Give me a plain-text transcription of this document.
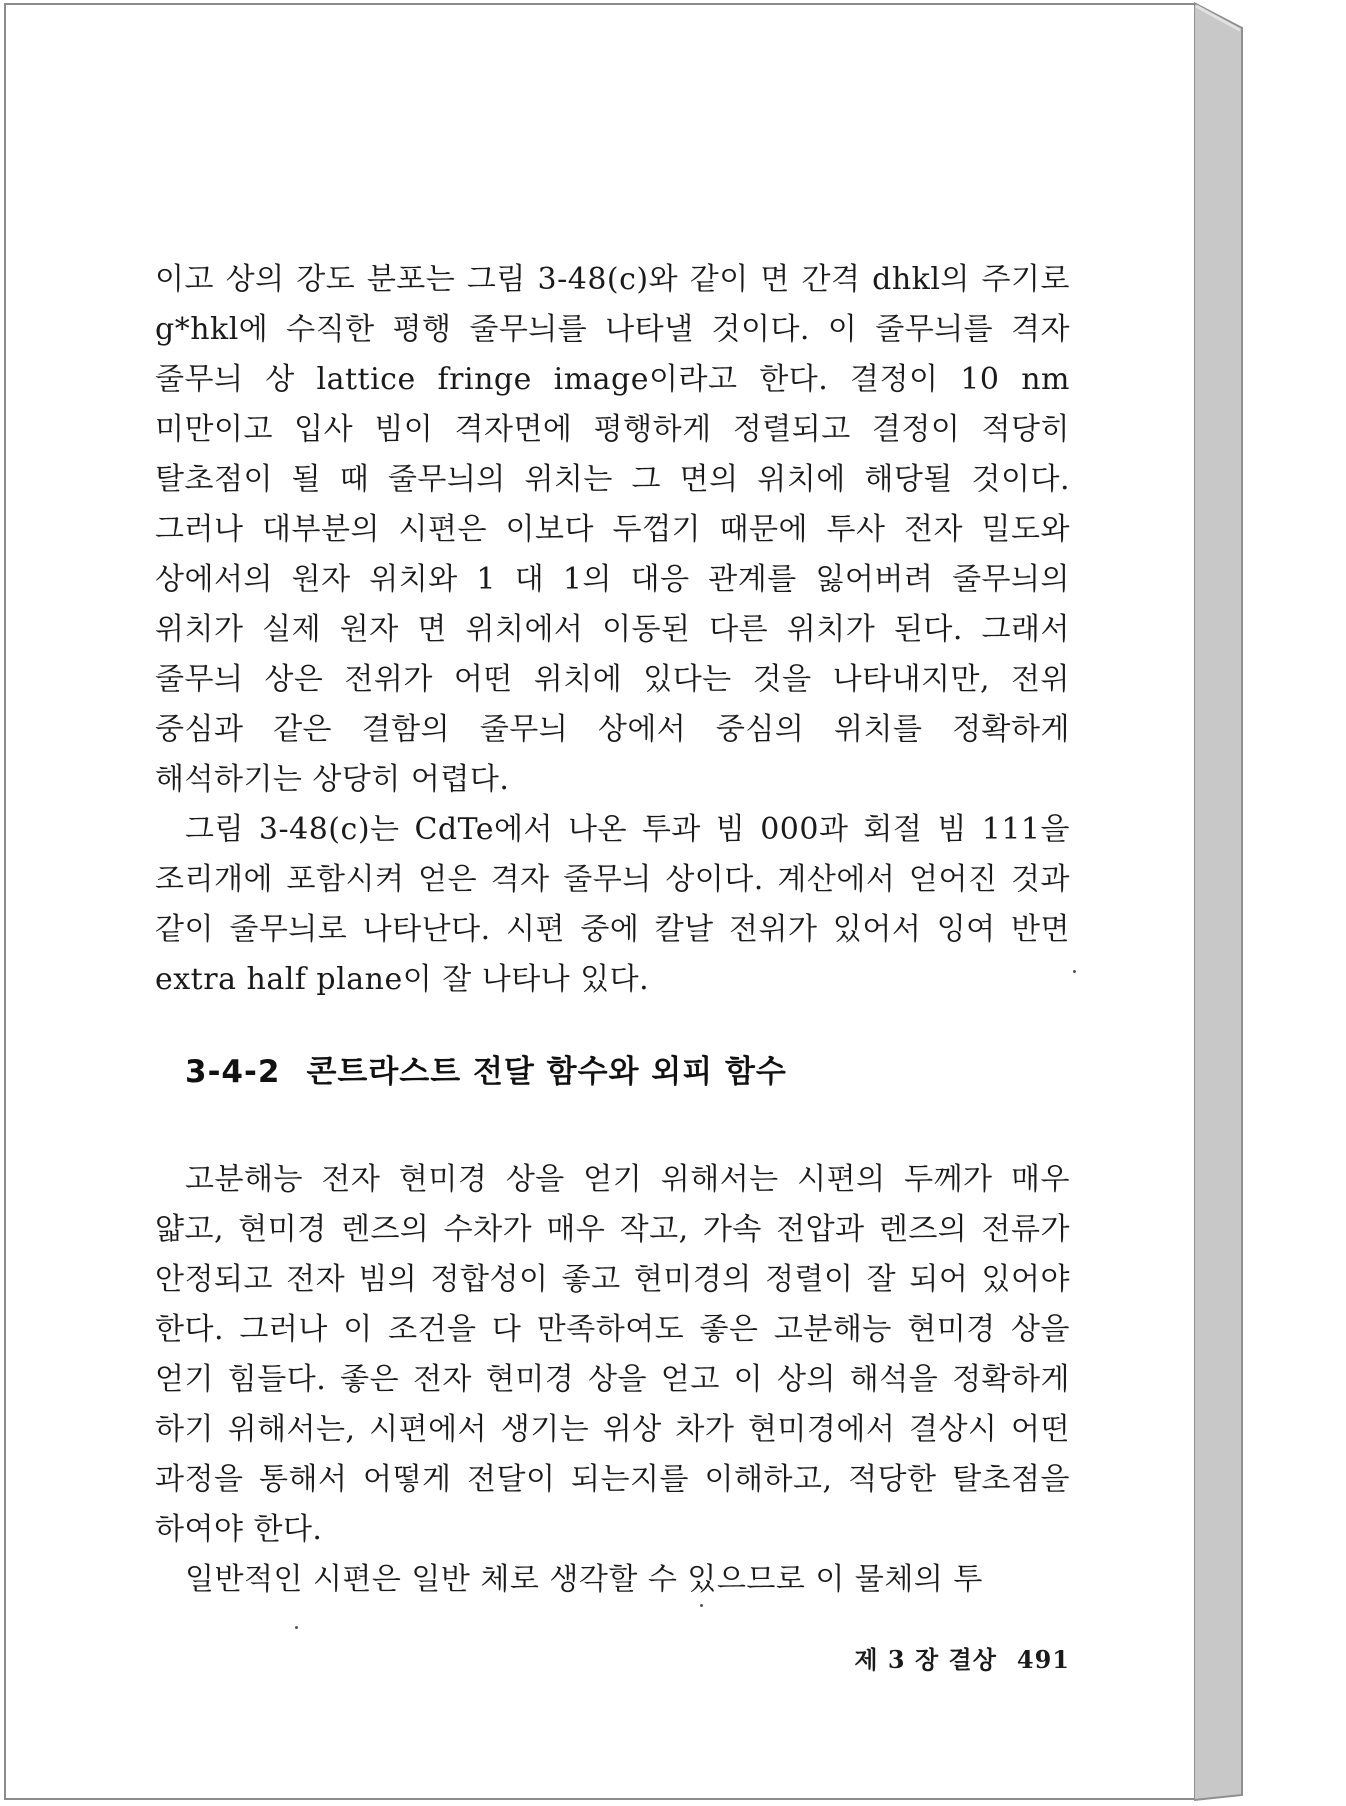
이고 상의 강도 분포는 그림 3-48(c)와 같이 면 간격 dhkl의 주기로 g*hkl에 수직한 평행 줄무늬를 나타낼 것이다. 이 줄무늬를 격자 줄무늬 상 lattice fringe image이라고 한다. 결정이 10 nm 미만이고 입사 빔이 격자면에 평행하게 정렬되고 결정이 적당히 탈초점이 될 때 줄무늬의 위치는 그 면의 위치에 해당될 것이다. 그러나 대부분의 시편은 이보다 두껍기 때문에 투사 전자 밀도와 상에서의 원자 위치와 1 대 1의 대응 관계를 잃어버려 줄무늬의 위치가 실제 원자 면 위치에서 이동된 다른 위치가 된다. 그래서 줄무늬 상은 전위가 어떤 위치에 있다는 것을 나타내지만, 전위 중심과 같은 결함의 줄무늬 상에서 중심의 위치를 정확하게 해석하기는 상당히 어렵다.

그림 3-48(c)는 CdTe에서 나온 투과 빔 000과 회절 빔 111을 조리개에 포함시켜 얻은 격자 줄무늬 상이다. 계산에서 얻어진 것과 같이 줄무늬로 나타난다. 시편 중에 칼날 전위가 있어서 잉여 반면 extra half plane이 잘 나타나 있다.

3-4-2 콘트라스트 전달 함수와 외피 함수

고분해능 전자 현미경 상을 얻기 위해서는 시편의 두께가 매우 얇고, 현미경 렌즈의 수차가 매우 작고, 가속 전압과 렌즈의 전류가 안정되고 전자 빔의 정합성이 좋고 현미경의 정렬이 잘 되어 있어야 한다. 그러나 이 조건을 다 만족하여도 좋은 고분해능 현미경 상을 얻기 힘들다. 좋은 전자 현미경 상을 얻고 이 상의 해석을 정확하게 하기 위해서는, 시편에서 생기는 위상 차가 현미경에서 결상시 어떤 과정을 통해서 어떻게 전달이 되는지를 이해하고, 적당한 탈초점을 하여야 한다.

일반적인 시편은 일반 체로 생각할 수 있으므로 이 물체의 투

제 3 장 결상 491
